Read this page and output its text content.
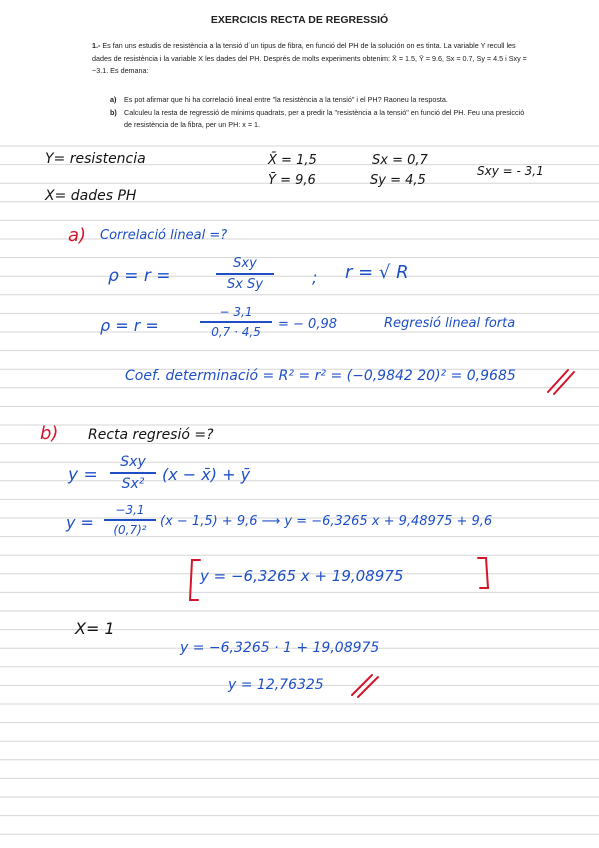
EXERCICIS RECTA DE REGRESSIÓ
1.- Es fan uns estudis de resistència a la tensió d´un tipus de fibra, en funció del PH de la solución on es tinta. La variable Y recull les dades de resistència i la variable X les dades del PH. Després de molts experiments obtenim: X̄ = 1.5, Ȳ = 9.6, Sx = 0.7, Sy = 4.5 i Sxy = −3.1. Es demana:
a)	Es pot afirmar que hi ha correlació lineal entre "la resistència a la tensió" i el PH? Raoneu la resposta.
b)	Calculeu la resta de regressió de mínims quadrats, per a predir la "resistència a la tensió" en funció del PH. Feu una presicció de resistència de la fibra, per un PH: x = 1.
Y= resistencia
X= dades PH
X̄ = 1,5
Ȳ = 9,6
Sx = 0,7
Sy = 4,5
Sxy = - 3,1
a) Correlació lineal =?
ρ = r =
Sxy
Sx Sy	; r = √ R
ρ = r =
− 3,1
0,7 · 4,5	= − 0,98	Regresió lineal forta
Coef. determinació = R² = r² = (−0,9842 20)² = 0,9685
b) Recta regresió =?
y =
Sxy
Sx²	(x − x̄) + ȳ
y =
−3,1
(0,7)²
(x − 1,5) + 9,6 ⟶ y = −6,3265 x + 9,48975 + 9,6
y = −6,3265 x + 19,08975
X= 1
y = −6,3265 · 1 + 19,08975
y = 12,76325
